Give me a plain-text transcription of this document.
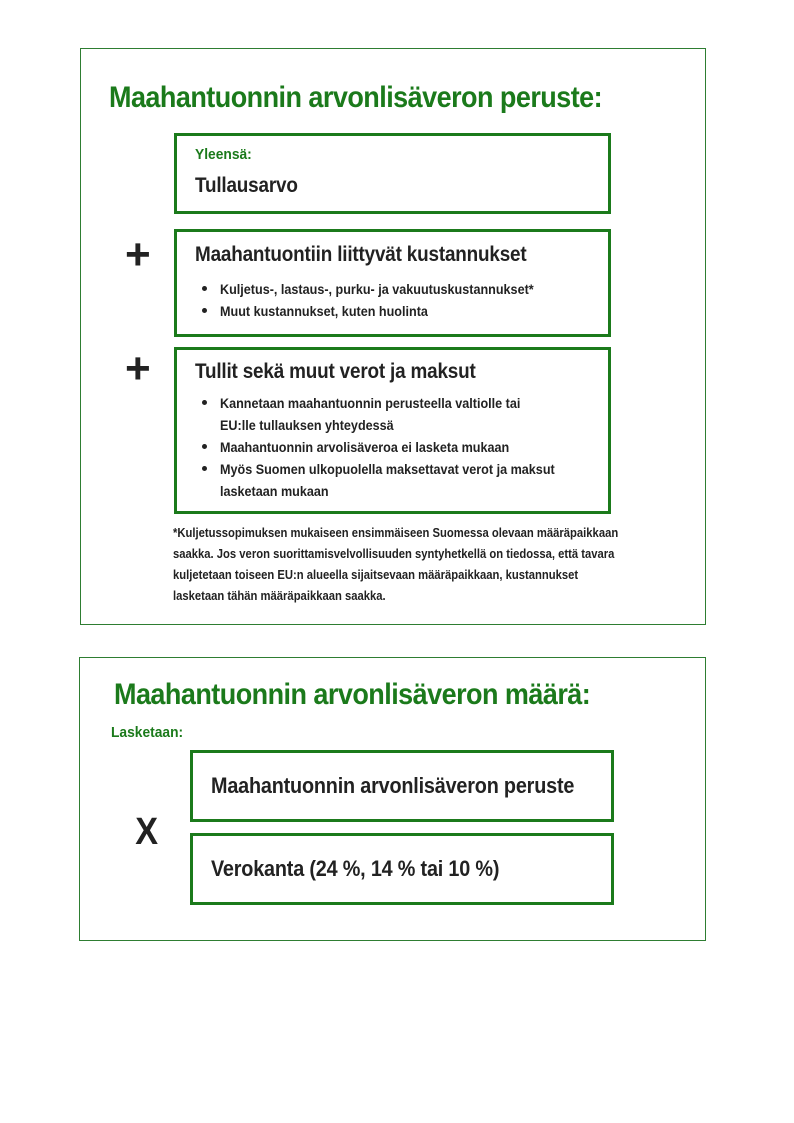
Maahantuonnin arvonlisäveron peruste:

Yleensä:

Tullausarvo

+ Maahantuontiin liittyvät kustannukset

Kuljetus-, lastaus-, purku- ja vakuutuskustannukset*
Muut kustannukset, kuten huolinta
+ Tullit sekä muut verot ja maksut

Kannetaan maahantuonnin perusteella valtiolle tai
EU:lle tullauksen yhteydessä
Maahantuonnin arvolisäveroa ei lasketa mukaan
Myös Suomen ulkopuolella maksettavat verot ja maksut
lasketaan mukaan

*Kuljetussopimuksen mukaiseen ensimmäiseen Suomessa olevaan määräpaikkaan
saakka. Jos veron suorittamisvelvollisuuden syntyhetkellä on tiedossa, että tavara
kuljetetaan toiseen EU:n alueella sijaitsevaan määräpaikkaan, kustannukset
lasketaan tähän määräpaikkaan saakka.

Maahantuonnin arvonlisäveron määrä:

Lasketaan:

Maahantuonnin arvonlisäveron peruste

X

Verokanta (24 %, 14 % tai 10 %)
